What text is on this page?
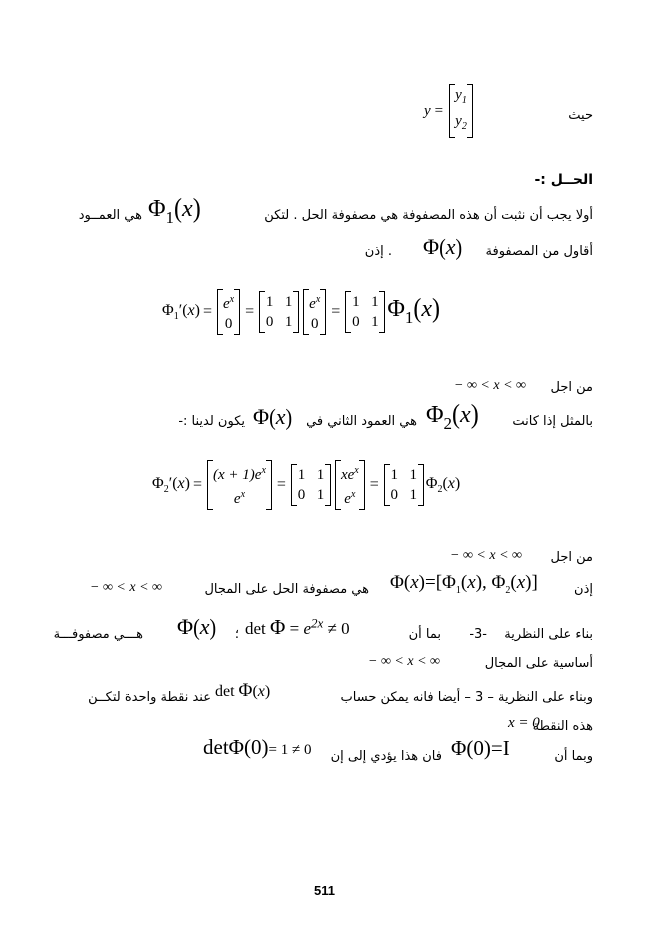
y =
$y_1$
$y_2$
حيث
الحــل :-
أولا يجب أن نثبت أن هذه المصفوفة هي مصفوفة الحل . لتكن
Φ1(x)
هي العمــود
أقاول من المصفوفة
Φ(x)
. إذن
$\Phi_1'(x) = e^x$
0
=
1 1
0 1
$e^x$
0
=
1 1
0 1 Φ1(x)
من اجل
− ∞ < x < ∞
بالمثل إذا كانت
Φ2(x)
هي العمود الثاني في
Φ(x)
يكون لدينا :-
$\Phi_2'(x)$ =
$(x + 1)e^x$
$e^x$
=
1 1
0 1
$xe^x$
$e^x$
=
1 1
0 1
$\Phi_2(x)$
من اجل
− ∞ < x < ∞
إذن
$\Phi(x)=[\Phi_1(x)$, $\Phi_2(x)$]
هي مصفوفة الحل على المجال
− ∞ < x < ∞
بناء على النظرية
-3-
بما أن
$\det \Phi = e^{2x} \ne 0$
؛
Φ(x)
هـــي مصفوفـــة
أساسية على المجال
− ∞ < x < ∞
وبناء على النظرية – 3 – أيضا فانه يمكن حساب
det Φ(x)
عند نقطة واحدة لتكــن
هذه النقطة
x = 0
وبما أن
Φ(0)=I
فان هذا يؤدي إلى إن
detΦ(0)= 1 ≠ 0
511
